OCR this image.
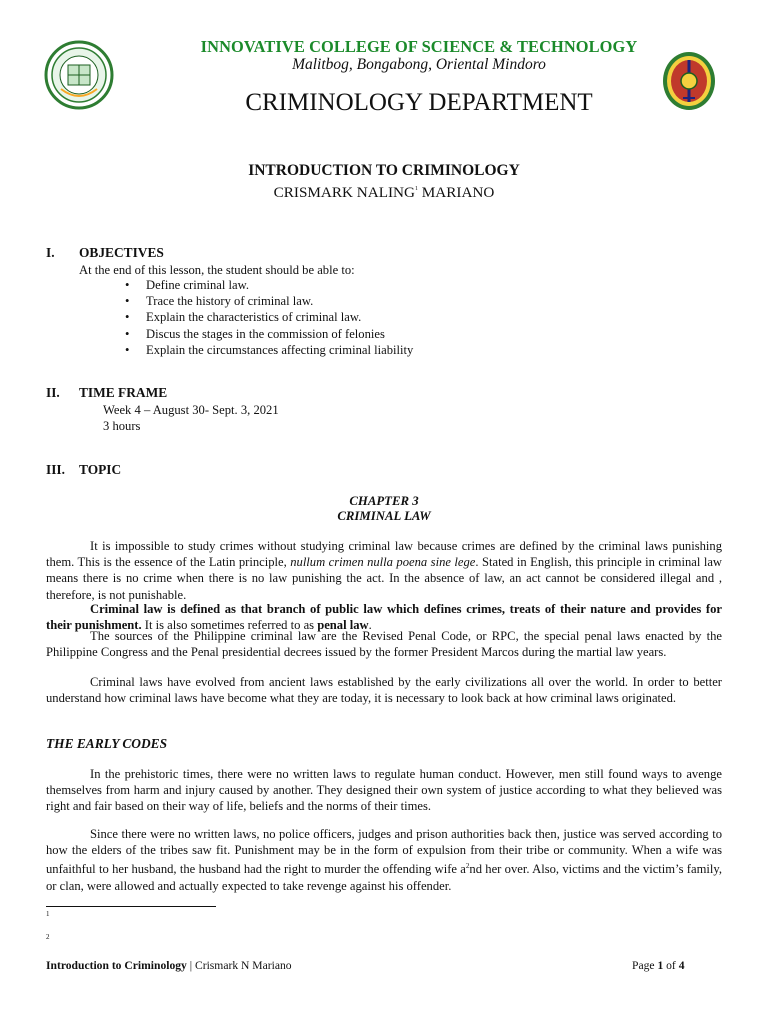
INNOVATIVE COLLEGE OF SCIENCE & TECHNOLOGY
Malitbog, Bongabong, Oriental Mindoro
CRIMINOLOGY DEPARTMENT
INTRODUCTION TO CRIMINOLOGY
CRISMARK NALING$^1$ MARIANO
I. OBJECTIVES
At the end of this lesson, the student should be able to:
• Define criminal law.
• Trace the history of criminal law.
• Explain the characteristics of criminal law.
• Discus the stages in the commission of felonies
• Explain the circumstances affecting criminal liability
II. TIME FRAME
Week 4 – August 30- Sept. 3, 2021
3 hours
III. TOPIC
CHAPTER 3
CRIMINAL LAW
It is impossible to study crimes without studying criminal law because crimes are defined by the criminal laws punishing them. This is the essence of the Latin principle, nullum crimen nulla poena sine lege. Stated in English, this principle in criminal law means there is no crime when there is no law punishing the act. In the absence of law, an act cannot be considered illegal and , therefore, is not punishable.
Criminal law is defined as that branch of public law which defines crimes, treats of their nature and provides for their punishment. It is also sometimes referred to as penal law.
The sources of the Philippine criminal law are the Revised Penal Code, or RPC, the special penal laws enacted by the Philippine Congress and the Penal presidential decrees issued by the former President Marcos during the martial law years.
Criminal laws have evolved from ancient laws established by the early civilizations all over the world. In order to better understand how criminal laws have become what they are today, it is necessary to look back at how criminal laws originated.
THE EARLY CODES
In the prehistoric times, there were no written laws to regulate human conduct. However, men still found ways to avenge themselves from harm and injury caused by another. They designed their own system of justice according to what they believed was right and fair based on their way of life, beliefs and the norms of their times.
Since there were no written laws, no police officers, judges and prison authorities back then, justice was served according to how the elders of the tribes saw fit. Punishment may be in the form of expulsion from their tribe or community. When a wife was unfaithful to her husband, the husband had the right to murder the offending wife $a^2nd$ her over. Also, victims and the victim’s family, or clan, were allowed and actually expected to take revenge against his offender.
1
2
Introduction to Criminology | Crismark N Mariano	Page 1 of 4
